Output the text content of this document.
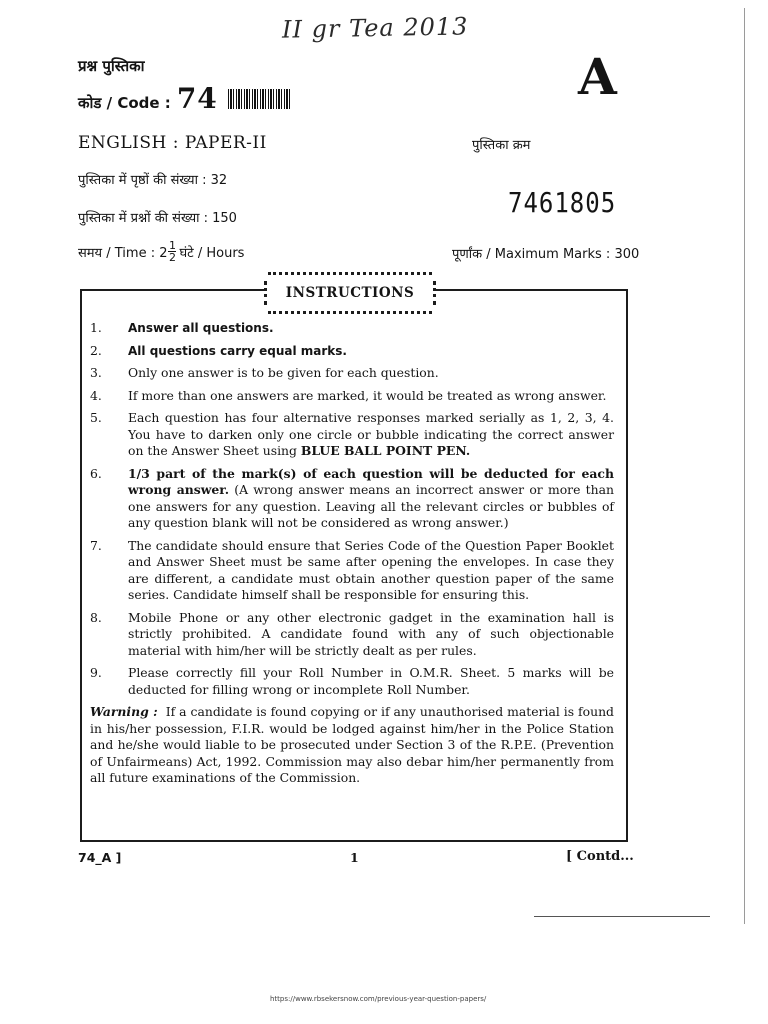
II gr Tea 2013
प्रश्न पुस्तिका
कोड / Code : 74	A
ENGLISH : PAPER-II	पुस्तिका क्रम
पुस्तिका में पृष्ठों की संख्या : 32
7461805
पुस्तिका में प्रश्नों की संख्या : 150
समय / Time : $2 \frac{1}{2}$ घंटे / Hours	पूर्णांक / Maximum Marks : 300
INSTRUCTIONS
1.	Answer all questions.
2.	All questions carry equal marks.
3.	Only one answer is to be given for each question.
4.	If more than one answers are marked, it would be treated as wrong answer.
5.	Each question has four alternative responses marked serially as 1, 2, 3, 4. You have to darken only one circle or bubble indicating the correct answer on the Answer Sheet using BLUE BALL POINT PEN.
6.	1/3 part of the mark(s) of each question will be deducted for each wrong answer. (A wrong answer means an incorrect answer or more than one answers for any question. Leaving all the relevant circles or bubbles of any question blank will not be considered as wrong answer.)
7.	The candidate should ensure that Series Code of the Question Paper Booklet and Answer Sheet must be same after opening the envelopes. In case they are different, a candidate must obtain another question paper of the same series. Candidate himself shall be responsible for ensuring this.
8.	Mobile Phone or any other electronic gadget in the examination hall is strictly prohibited. A candidate found with any of such objectionable material with him/her will be strictly dealt as per rules.
9.	Please correctly fill your Roll Number in O.M.R. Sheet. 5 marks will be deducted for filling wrong or incomplete Roll Number.
Warning : If a candidate is found copying or if any unauthorised material is found in his/her possession, F.I.R. would be lodged against him/her in the Police Station and he/she would liable to be prosecuted under Section 3 of the R.P.E. (Prevention of Unfairmeans) Act, 1992. Commission may also debar him/her permanently from all future examinations of the Commission.
74_A ]	1	[ Contd...
https://www.rbsekersnow.com/previous-year-question-papers/
